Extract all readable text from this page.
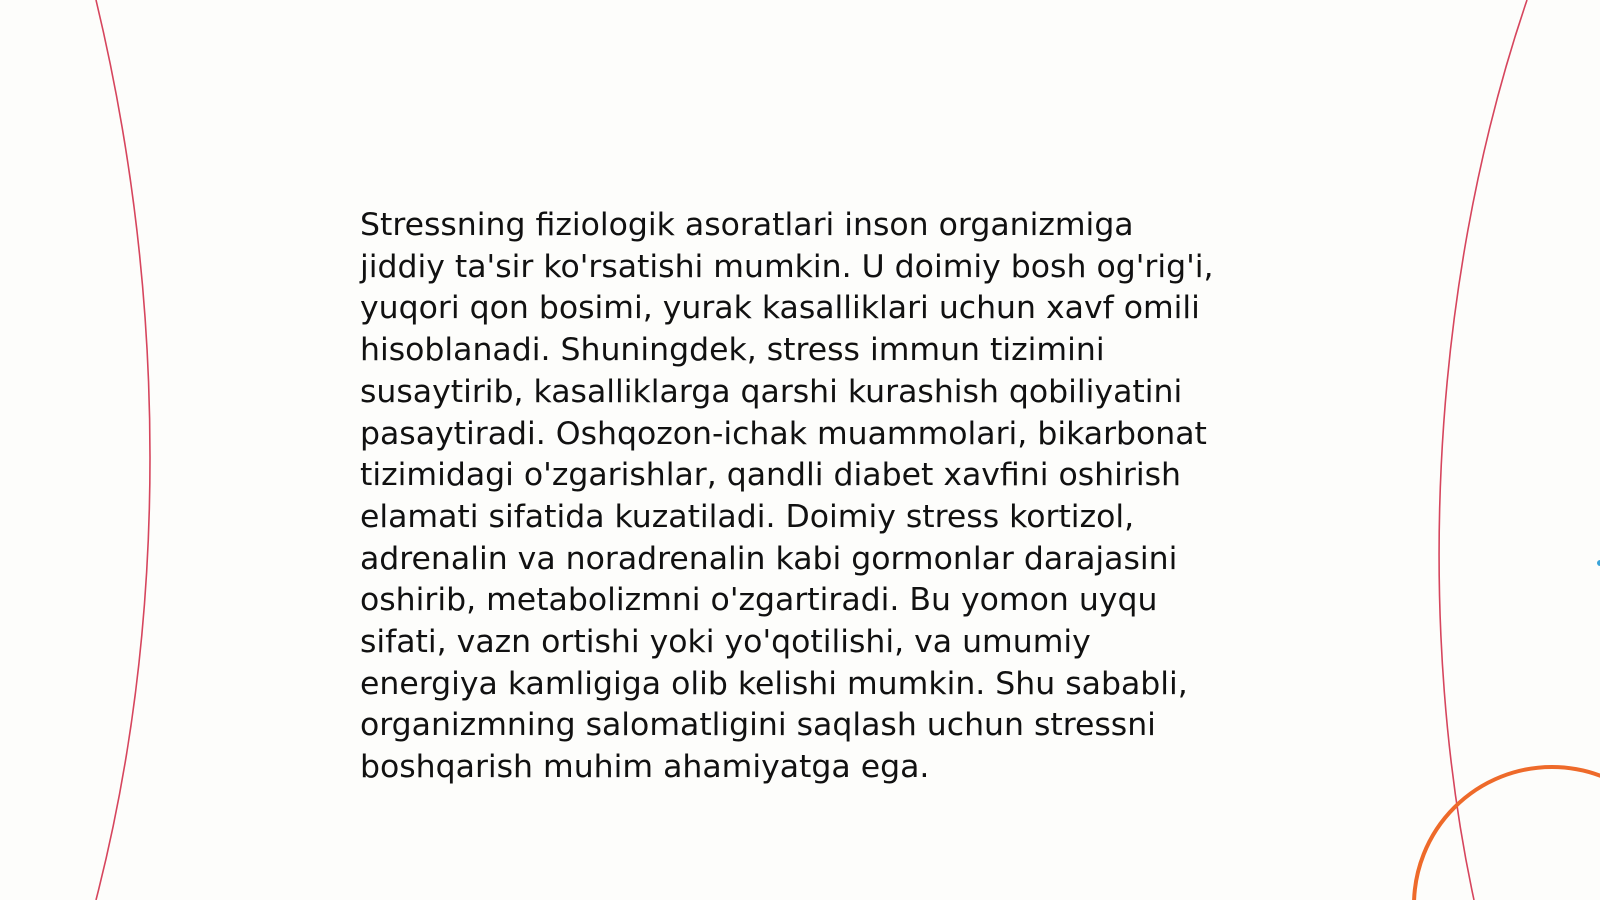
Stressning fiziologik asoratlari inson organizmiga
jiddiy ta'sir ko'rsatishi mumkin. U doimiy bosh og'rig'i,
yuqori qon bosimi, yurak kasalliklari uchun xavf omili
hisoblanadi. Shuningdek, stress immun tizimini
susaytirib, kasalliklarga qarshi kurashish qobiliyatini
pasaytiradi. Oshqozon-ichak muammolari, bikarbonat
tizimidagi o'zgarishlar, qandli diabet xavfini oshirish
elamati sifatida kuzatiladi. Doimiy stress kortizol,
adrenalin va noradrenalin kabi gormonlar darajasini
oshirib, metabolizmni o'zgartiradi. Bu yomon uyqu
sifati, vazn ortishi yoki yo'qotilishi, va umumiy
energiya kamligiga olib kelishi mumkin. Shu sababli,
organizmning salomatligini saqlash uchun stressni
boshqarish muhim ahamiyatga ega.
